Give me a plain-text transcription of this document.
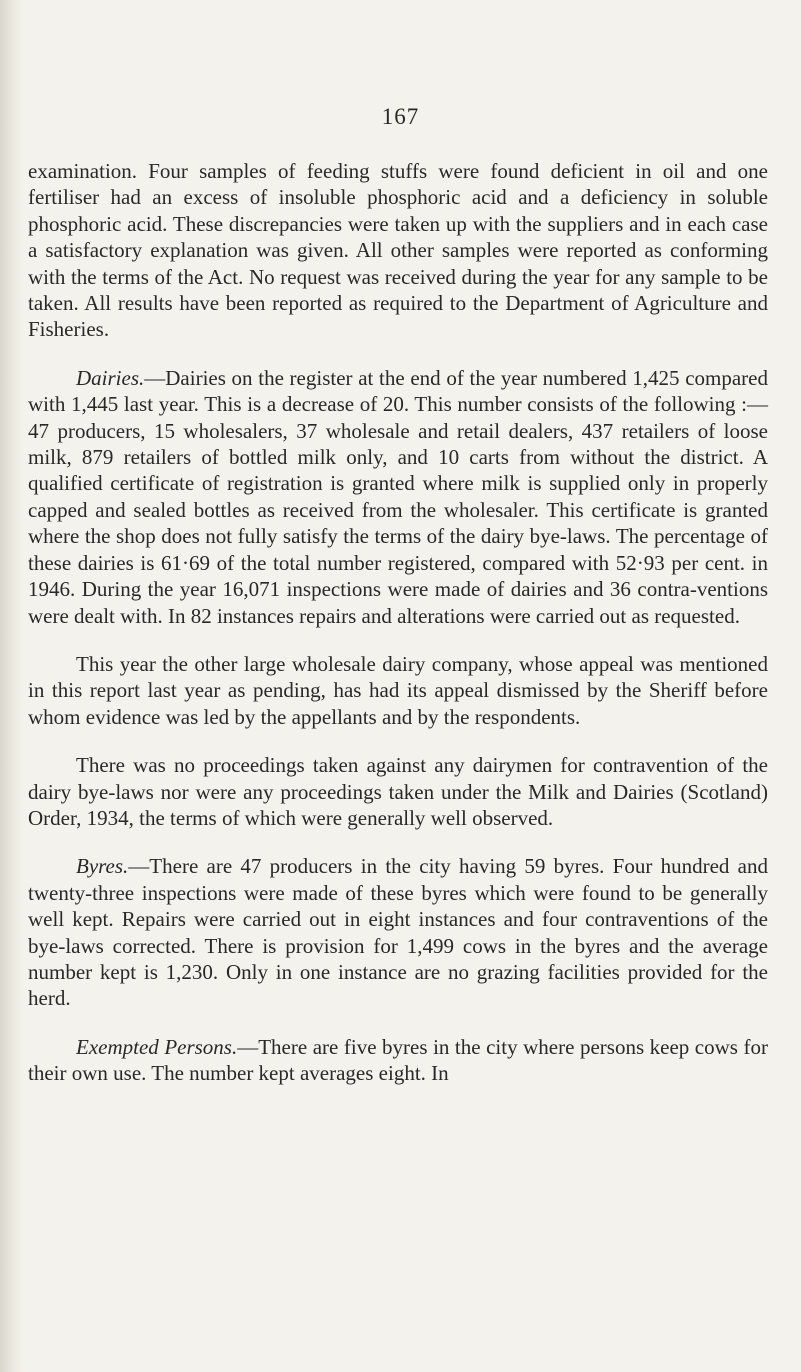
167

examination. Four samples of feeding stuffs were found deficient in oil and one fertiliser had an excess of insoluble phosphoric acid and a deficiency in soluble phosphoric acid. These discrepancies were taken up with the suppliers and in each case a satisfactory explanation was given. All other samples were reported as conforming with the terms of the Act. No request was received during the year for any sample to be taken. All results have been reported as required to the Department of Agriculture and Fisheries.

Dairies.—Dairies on the register at the end of the year numbered 1,425 compared with 1,445 last year. This is a decrease of 20. This number consists of the following :—47 producers, 15 wholesalers, 37 wholesale and retail dealers, 437 retailers of loose milk, 879 retailers of bottled milk only, and 10 carts from without the district. A qualified certificate of registration is granted where milk is supplied only in properly capped and sealed bottles as received from the wholesaler. This certificate is granted where the shop does not fully satisfy the terms of the dairy bye-laws. The percentage of these dairies is 61·69 of the total number registered, compared with 52·93 per cent. in 1946. During the year 16,071 inspections were made of dairies and 36 contra-ventions were dealt with. In 82 instances repairs and alterations were carried out as requested.

This year the other large wholesale dairy company, whose appeal was mentioned in this report last year as pending, has had its appeal dismissed by the Sheriff before whom evidence was led by the appellants and by the respondents.

There was no proceedings taken against any dairymen for contravention of the dairy bye-laws nor were any proceedings taken under the Milk and Dairies (Scotland) Order, 1934, the terms of which were generally well observed.

Byres.—There are 47 producers in the city having 59 byres. Four hundred and twenty-three inspections were made of these byres which were found to be generally well kept. Repairs were carried out in eight instances and four contraventions of the bye-laws corrected. There is provision for 1,499 cows in the byres and the average number kept is 1,230. Only in one instance are no grazing facilities provided for the herd.

Exempted Persons.—There are five byres in the city where persons keep cows for their own use. The number kept averages eight. In
